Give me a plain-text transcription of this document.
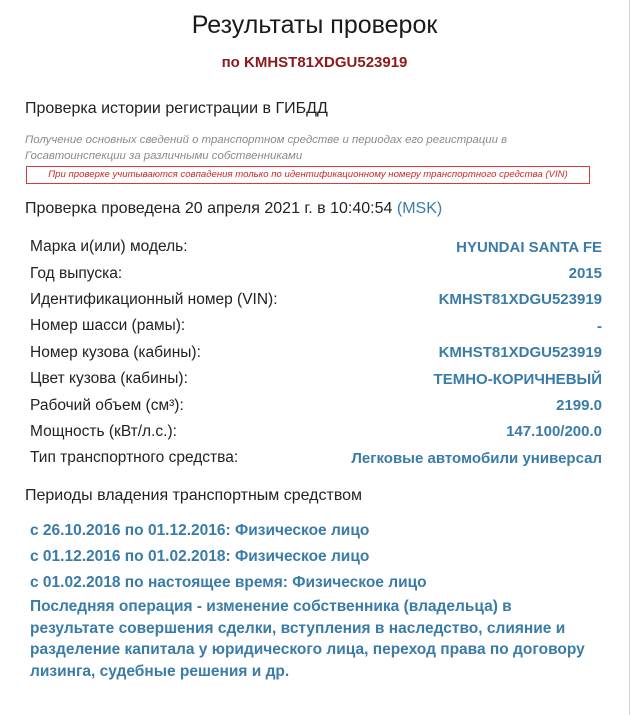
Результаты проверок
по KMHST81XDGU523919
Проверка истории регистрации в ГИБДД
Получение основных сведений о транспортном средстве и периодах его регистрации в Госавтоинспекции за различными собственниками
При проверке учитываются совпадения только по идентификационному номеру транспортного средства (VIN)
Проверка проведена 20 апреля 2021 г. в 10:40:54 (MSK)
Марка и(или) модель:	HYUNDAI SANTA FE
Год выпуска:	2015
Идентификационный номер (VIN):	KMHST81XDGU523919
Номер шасси (рамы):	-
Номер кузова (кабины):	KMHST81XDGU523919
Цвет кузова (кабины):	ТЕМНО-КОРИЧНЕВЫЙ
Рабочий объем (см³):	2199.0
Мощность (кВт/л.с.):	147.100/200.0
Тип транспортного средства:	Легковые автомобили универсал
Периоды владения транспортным средством
с 26.10.2016 по 01.12.2016: Физическое лицо
с 01.12.2016 по 01.02.2018: Физическое лицо
с 01.02.2018 по настоящее время: Физическое лицо
Последняя операция - изменение собственника (владельца) в результате совершения сделки, вступления в наследство, слияние и разделение капитала у юридического лица, переход права по договору лизинга, судебные решения и др.
